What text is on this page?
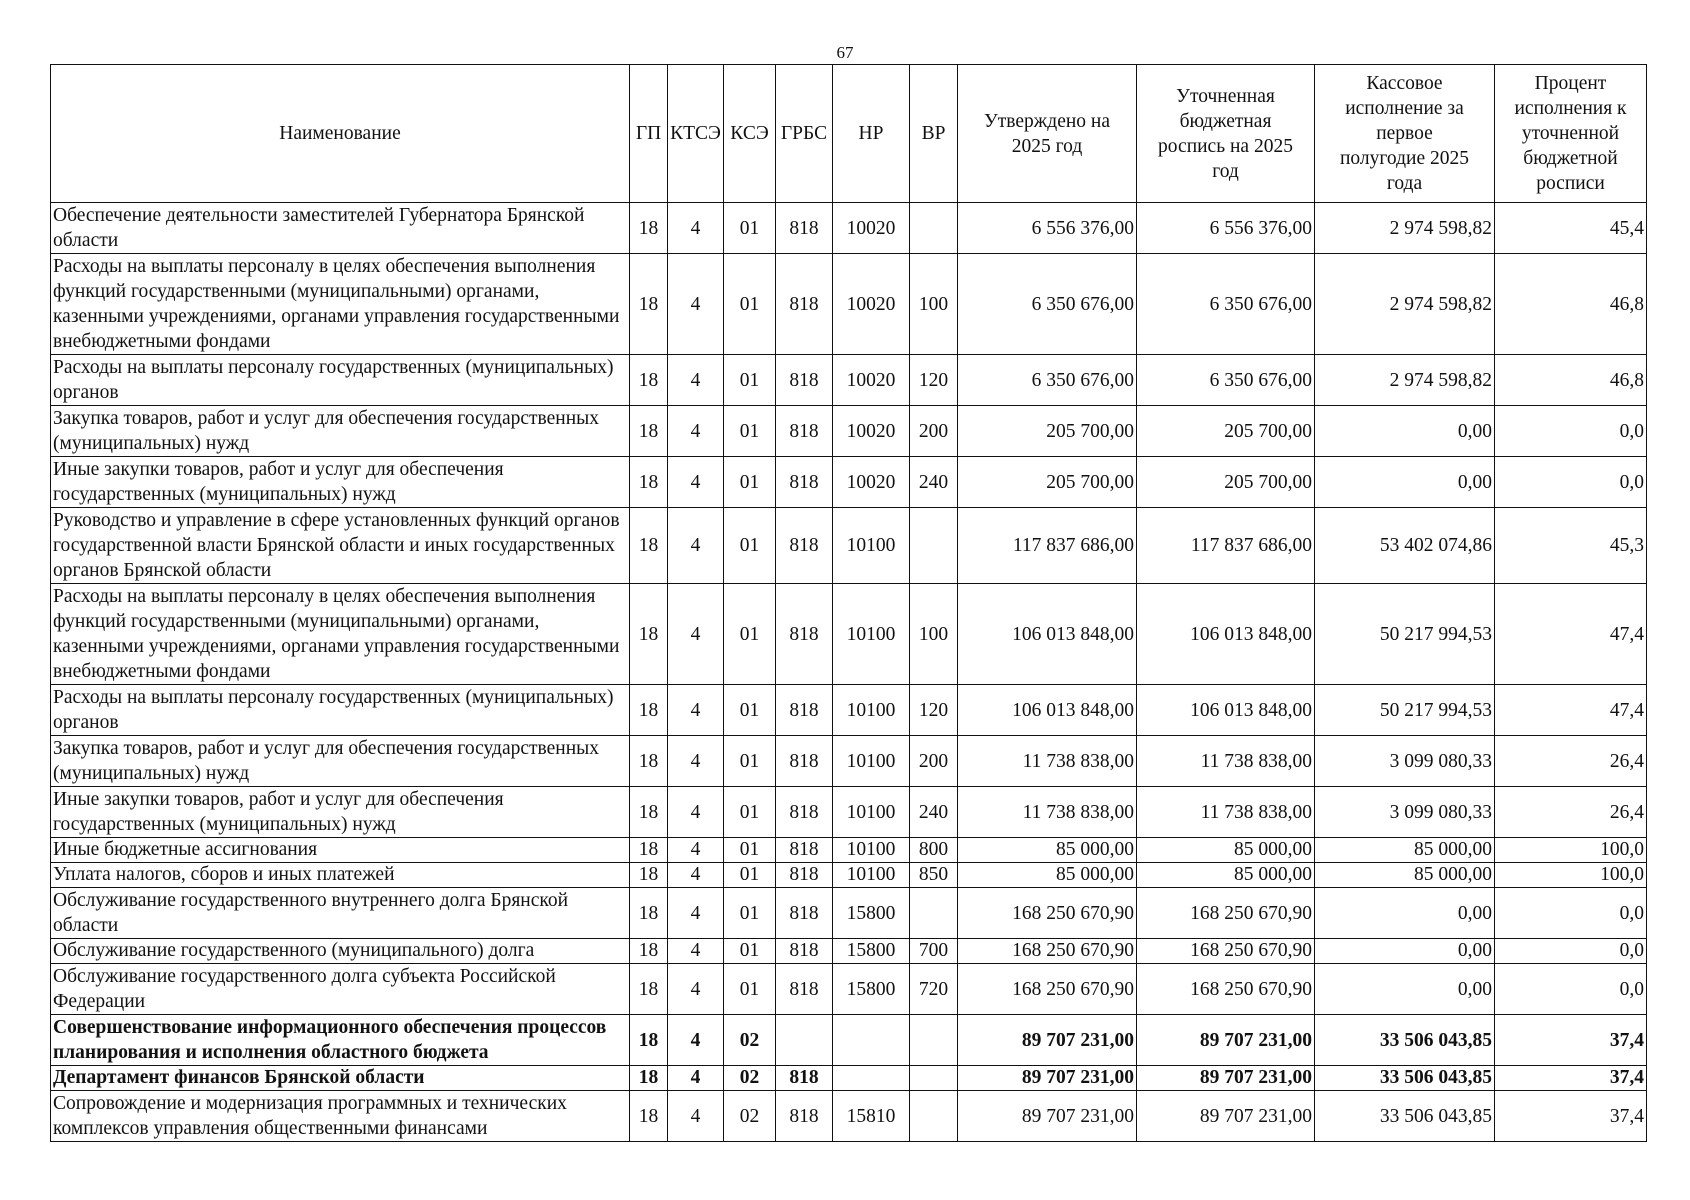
67
Наименование	ГП	КТСЭ	КСЭ	ГРБС	НР	ВР	Утверждено на 2025 год	Уточненная бюджетная роспись на 2025 год	Кассовое исполнение за первое полугодие 2025 года	Процент исполнения к уточненной бюджетной росписи
Обеспечение деятельности заместителей Губернатора Брянской области	18	4	01	818	10020		6 556 376,00	6 556 376,00	2 974 598,82	45,4
Расходы на выплаты персоналу в целях обеспечения выполнения функций государственными (муниципальными) органами, казенными учреждениями, органами управления государственными внебюджетными фондами	18	4	01	818	10020	100	6 350 676,00	6 350 676,00	2 974 598,82	46,8
Расходы на выплаты персоналу государственных (муниципальных) органов	18	4	01	818	10020	120	6 350 676,00	6 350 676,00	2 974 598,82	46,8
Закупка товаров, работ и услуг для обеспечения государственных (муниципальных) нужд	18	4	01	818	10020	200	205 700,00	205 700,00	0,00	0,0
Иные закупки товаров, работ и услуг для обеспечения государственных (муниципальных) нужд	18	4	01	818	10020	240	205 700,00	205 700,00	0,00	0,0
Руководство и управление в сфере установленных функций органов государственной власти Брянской области и иных государственных органов Брянской области	18	4	01	818	10100		117 837 686,00	117 837 686,00	53 402 074,86	45,3
Расходы на выплаты персоналу в целях обеспечения выполнения функций государственными (муниципальными) органами, казенными учреждениями, органами управления государственными внебюджетными фондами	18	4	01	818	10100	100	106 013 848,00	106 013 848,00	50 217 994,53	47,4
Расходы на выплаты персоналу государственных (муниципальных) органов	18	4	01	818	10100	120	106 013 848,00	106 013 848,00	50 217 994,53	47,4
Закупка товаров, работ и услуг для обеспечения государственных (муниципальных) нужд	18	4	01	818	10100	200	11 738 838,00	11 738 838,00	3 099 080,33	26,4
Иные закупки товаров, работ и услуг для обеспечения государственных (муниципальных) нужд	18	4	01	818	10100	240	11 738 838,00	11 738 838,00	3 099 080,33	26,4
Иные бюджетные ассигнования	18	4	01	818	10100	800	85 000,00	85 000,00	85 000,00	100,0
Уплата налогов, сборов и иных платежей	18	4	01	818	10100	850	85 000,00	85 000,00	85 000,00	100,0
Обслуживание государственного внутреннего долга Брянской области	18	4	01	818	15800		168 250 670,90	168 250 670,90	0,00	0,0
Обслуживание государственного (муниципального) долга	18	4	01	818	15800	700	168 250 670,90	168 250 670,90	0,00	0,0
Обслуживание государственного долга субъекта Российской Федерации	18	4	01	818	15800	720	168 250 670,90	168 250 670,90	0,00	0,0
Совершенствование информационного обеспечения процессов планирования и исполнения областного бюджета	18	4	02				89 707 231,00	89 707 231,00	33 506 043,85	37,4
Департамент финансов Брянской области	18	4	02	818			89 707 231,00	89 707 231,00	33 506 043,85	37,4
Сопровождение и модернизация программных и технических комплексов управления общественными финансами	18	4	02	818	15810		89 707 231,00	89 707 231,00	33 506 043,85	37,4
